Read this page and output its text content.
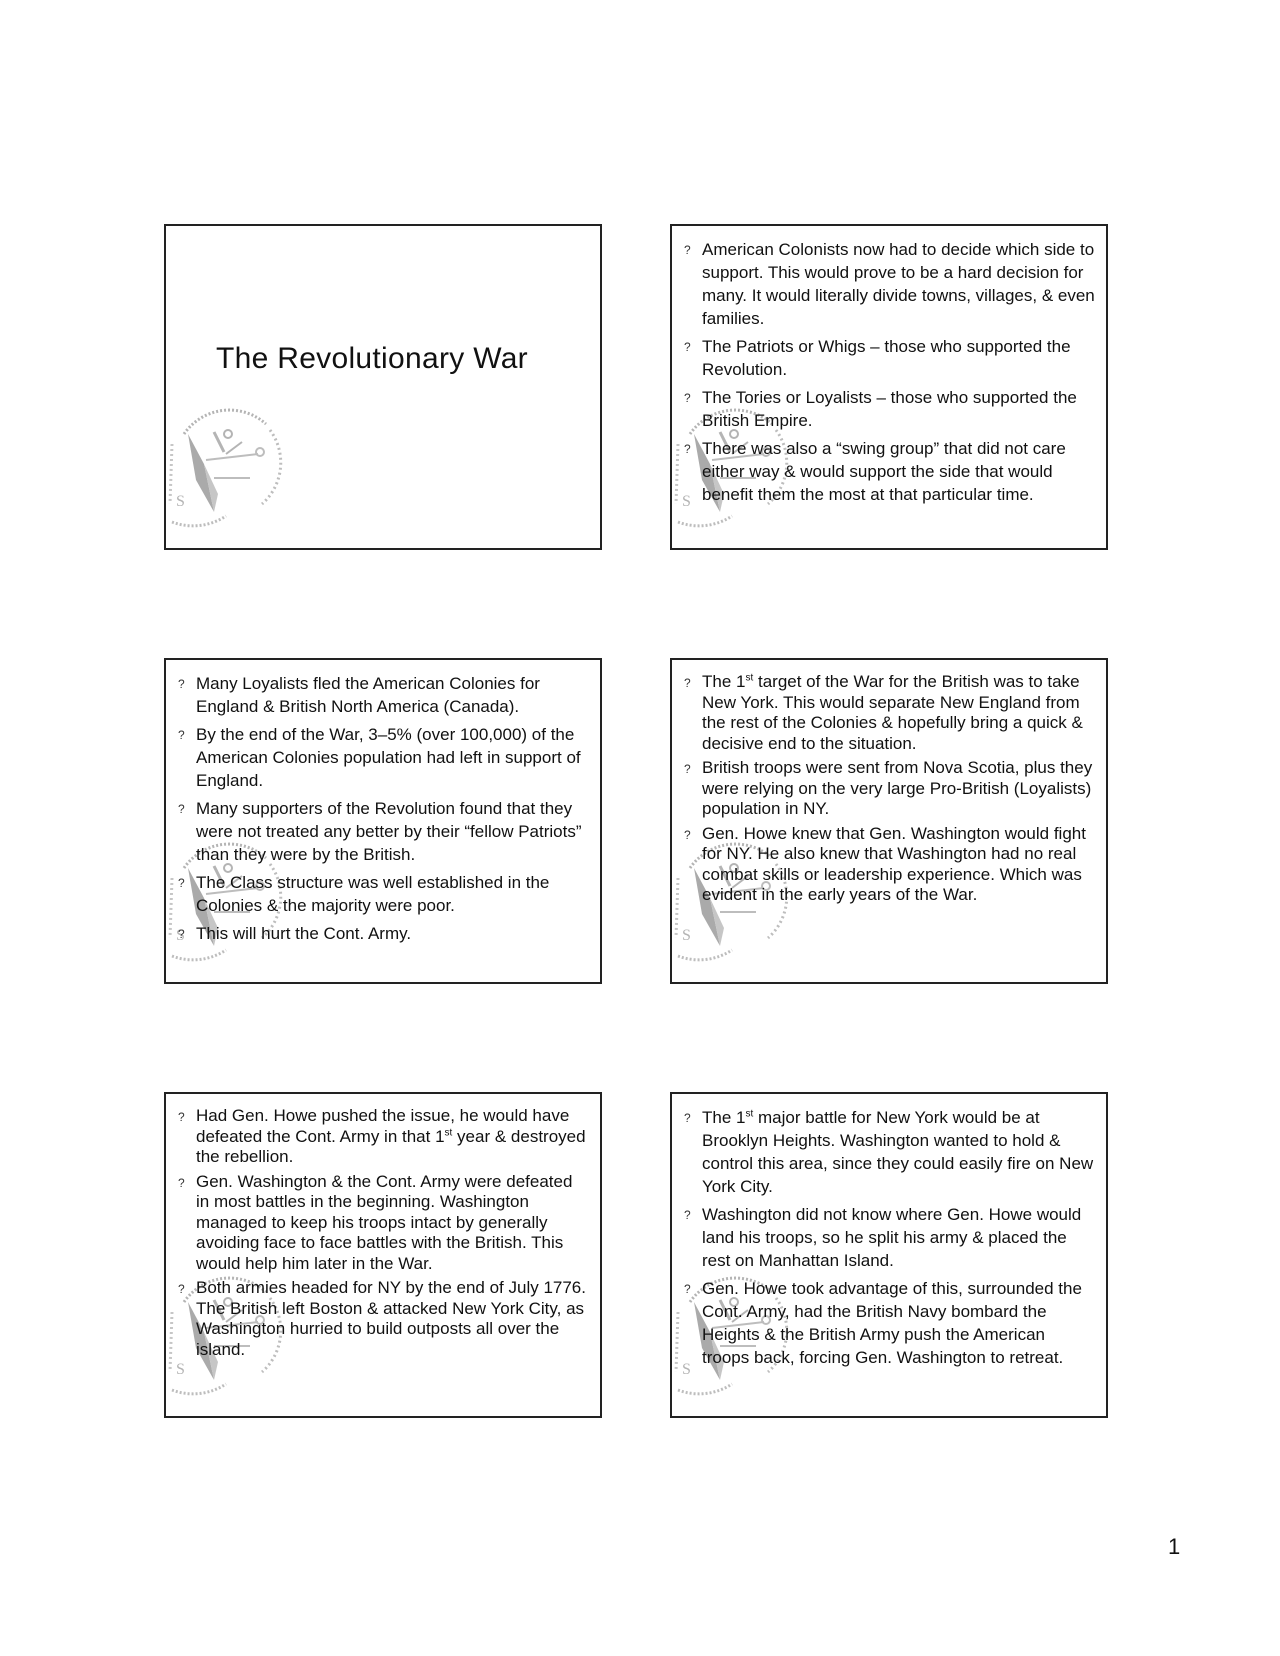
The Revolutionary War
? American Colonists now had to decide which side to support. This would prove to be a hard decision for many. It would literally divide towns, villages, & even families.
? The Patriots or Whigs – those who supported the Revolution.
? The Tories or Loyalists – those who supported the British Empire.
? There was also a “swing group” that did not care either way & would support the side that would benefit them the most at that particular time.
? Many Loyalists fled the American Colonies for England & British North America (Canada).
? By the end of the War, 3–5% (over 100,000) of the American Colonies population had left in support of England.
? Many supporters of the Revolution found that they were not treated any better by their “fellow Patriots” than they were by the British.
? The Class structure was well established in the Colonies & the majority were poor.
? This will hurt the Cont. Army.
? The 1st target of the War for the British was to take New York. This would separate New England from the rest of the Colonies & hopefully bring a quick & decisive end to the situation.
? British troops were sent from Nova Scotia, plus they were relying on the very large Pro-British (Loyalists) population in NY.
? Gen. Howe knew that Gen. Washington would fight for NY. He also knew that Washington had no real combat skills or leadership experience. Which was evident in the early years of the War.
? Had Gen. Howe pushed the issue, he would have defeated the Cont. Army in that 1st year & destroyed the rebellion.
? Gen. Washington & the Cont. Army were defeated in most battles in the beginning. Washington managed to keep his troops intact by generally avoiding face to face battles with the British. This would help him later in the War.
? Both armies headed for NY by the end of July 1776. The British left Boston & attacked New York City, as Washington hurried to build outposts all over the island.
? The 1st major battle for New York would be at Brooklyn Heights. Washington wanted to hold & control this area, since they could easily fire on New York City.
? Washington did not know where Gen. Howe would land his troops, so he split his army & placed the rest on Manhattan Island.
? Gen. Howe took advantage of this, surrounded the Cont. Army, had the British Navy bombard the Heights & the British Army push the American troops back, forcing Gen. Washington to retreat.
1
